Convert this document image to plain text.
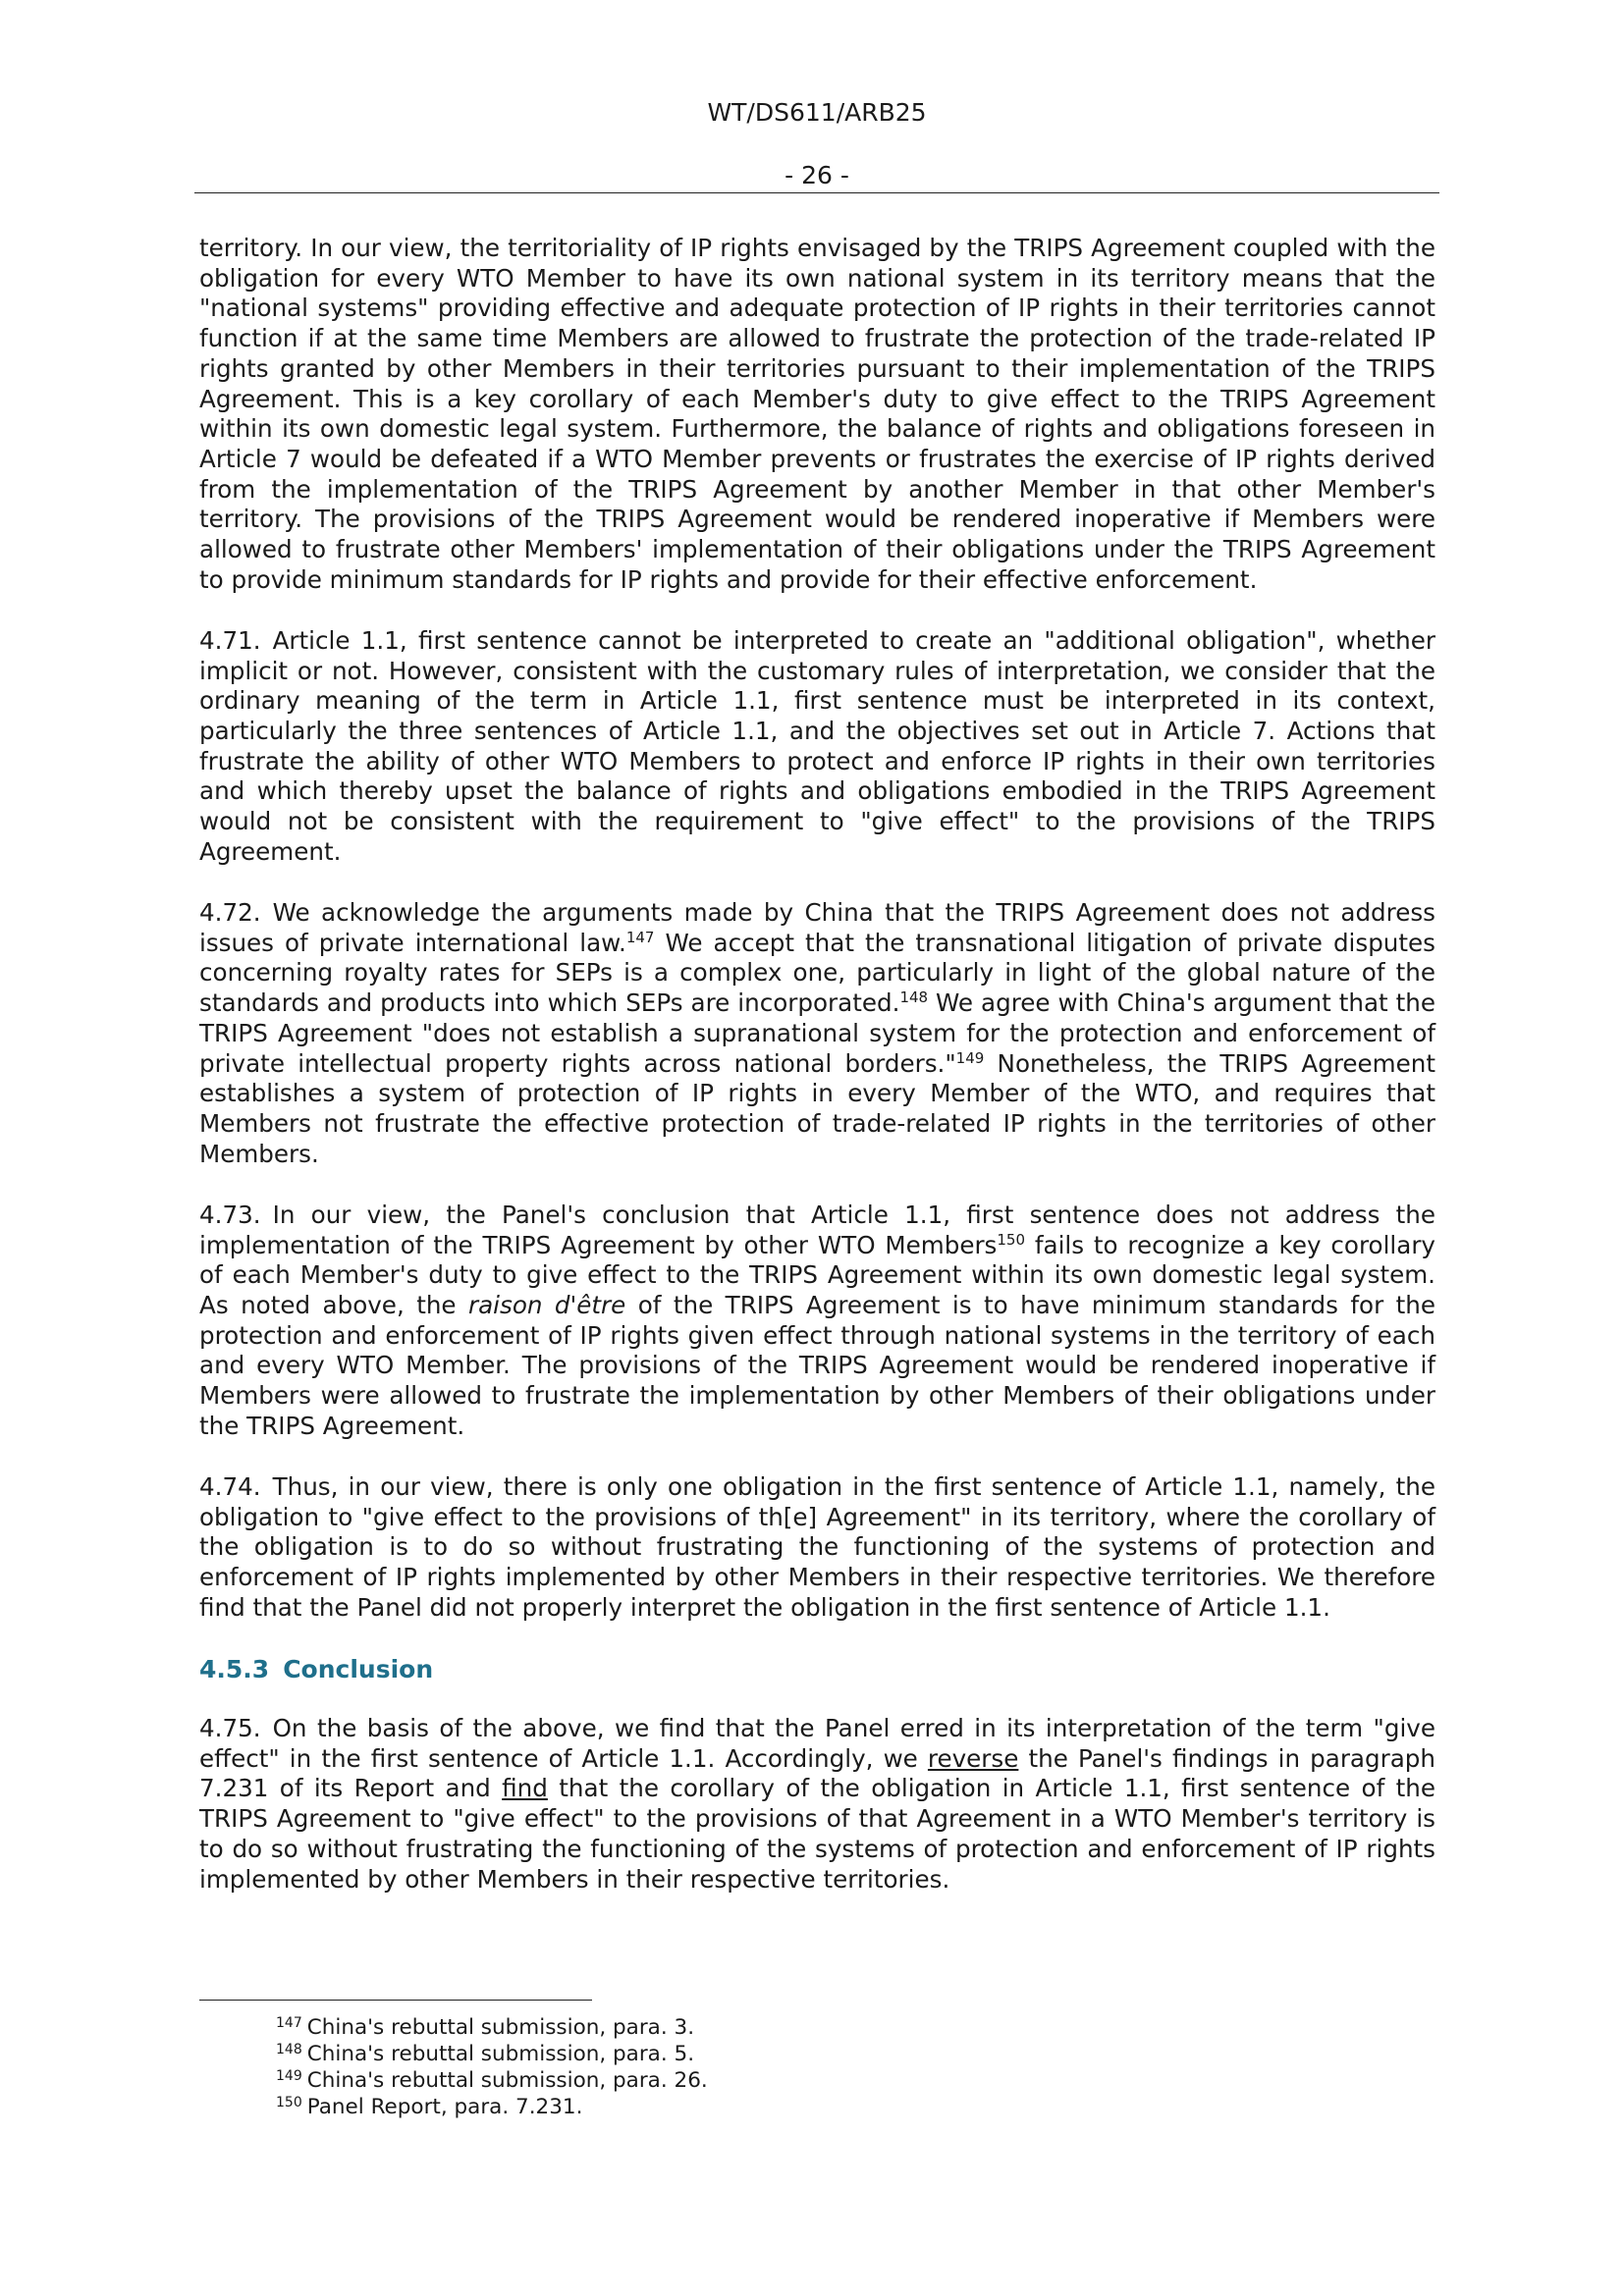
WT/DS611/ARB25
- 26 -

territory. In our view, the territoriality of IP rights envisaged by the TRIPS Agreement coupled with the obligation for every WTO Member to have its own national system in its territory means that the "national systems" providing effective and adequate protection of IP rights in their territories cannot function if at the same time Members are allowed to frustrate the protection of the trade-related IP rights granted by other Members in their territories pursuant to their implementation of the TRIPS Agreement. This is a key corollary of each Member's duty to give effect to the TRIPS Agreement within its own domestic legal system. Furthermore, the balance of rights and obligations foreseen in Article 7 would be defeated if a WTO Member prevents or frustrates the exercise of IP rights derived from the implementation of the TRIPS Agreement by another Member in that other Member's territory. The provisions of the TRIPS Agreement would be rendered inoperative if Members were allowed to frustrate other Members' implementation of their obligations under the TRIPS Agreement to provide minimum standards for IP rights and provide for their effective enforcement.

4.71. Article 1.1, first sentence cannot be interpreted to create an "additional obligation", whether implicit or not. However, consistent with the customary rules of interpretation, we consider that the ordinary meaning of the term in Article 1.1, first sentence must be interpreted in its context, particularly the three sentences of Article 1.1, and the objectives set out in Article 7. Actions that frustrate the ability of other WTO Members to protect and enforce IP rights in their own territories and which thereby upset the balance of rights and obligations embodied in the TRIPS Agreement would not be consistent with the requirement to "give effect" to the provisions of the TRIPS Agreement.

4.72. We acknowledge the arguments made by China that the TRIPS Agreement does not address issues of private international law.$^{147}$ We accept that the transnational litigation of private disputes concerning royalty rates for SEPs is a complex one, particularly in light of the global nature of the standards and products into which SEPs are incorporated.$^{148}$ We agree with China's argument that the TRIPS Agreement "does not establish a supranational system for the protection and enforcement of private intellectual property rights across national borders."$^{149}$ Nonetheless, the TRIPS Agreement establishes a system of protection of IP rights in every Member of the WTO, and requires that Members not frustrate the effective protection of trade-related IP rights in the territories of other Members.

4.73. In our view, the Panel's conclusion that Article 1.1, first sentence does not address the implementation of the TRIPS Agreement by other WTO Members$^{150}$ fails to recognize a key corollary of each Member's duty to give effect to the TRIPS Agreement within its own domestic legal system. As noted above, the raison d'être of the TRIPS Agreement is to have minimum standards for the protection and enforcement of IP rights given effect through national systems in the territory of each and every WTO Member. The provisions of the TRIPS Agreement would be rendered inoperative if Members were allowed to frustrate the implementation by other Members of their obligations under the TRIPS Agreement.

4.74. Thus, in our view, there is only one obligation in the first sentence of Article 1.1, namely, the obligation to "give effect to the provisions of th[e] Agreement" in its territory, where the corollary of the obligation is to do so without frustrating the functioning of the systems of protection and enforcement of IP rights implemented by other Members in their respective territories. We therefore find that the Panel did not properly interpret the obligation in the first sentence of Article 1.1.

4.5.3 Conclusion

4.75. On the basis of the above, we find that the Panel erred in its interpretation of the term "give effect" in the first sentence of Article 1.1. Accordingly, we reverse the Panel's findings in paragraph 7.231 of its Report and find that the corollary of the obligation in Article 1.1, first sentence of the TRIPS Agreement to "give effect" to the provisions of that Agreement in a WTO Member's territory is to do so without frustrating the functioning of the systems of protection and enforcement of IP rights implemented by other Members in their respective territories.

$^{147}$ China's rebuttal submission, para. 3.
$^{148}$ China's rebuttal submission, para. 5.
$^{149}$ China's rebuttal submission, para. 26.
$^{150}$ Panel Report, para. 7.231.
